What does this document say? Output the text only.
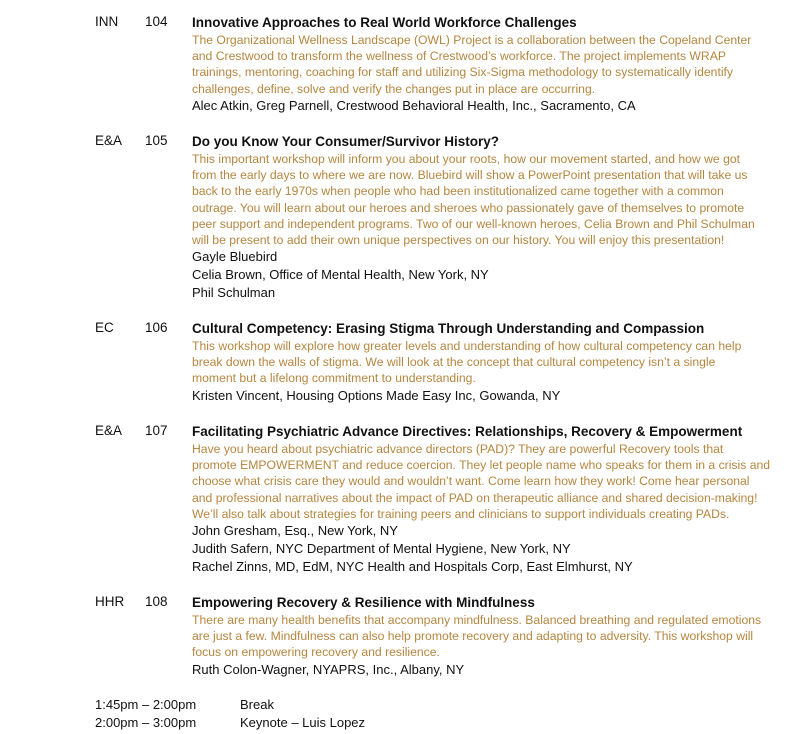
INN 104 Innovative Approaches to Real World Workforce Challenges
The Organizational Wellness Landscape (OWL) Project is a collaboration between the Copeland Center
and Crestwood to transform the wellness of Crestwood’s workforce. The project implements WRAP
trainings, mentoring, coaching for staff and utilizing Six-Sigma methodology to systematically identify
challenges, define, solve and verify the changes put in place are occurring.
Alec Atkin, Greg Parnell, Crestwood Behavioral Health, Inc., Sacramento, CA
E&A 105 Do you Know Your Consumer/Survivor History?
This important workshop will inform you about your roots, how our movement started, and how we got
from the early days to where we are now. Bluebird will show a PowerPoint presentation that will take us
back to the early 1970s when people who had been institutionalized came together with a common
outrage. You will learn about our heroes and sheroes who passionately gave of themselves to promote
peer support and independent programs. Two of our well-known heroes, Celia Brown and Phil Schulman
will be present to add their own unique perspectives on our history. You will enjoy this presentation!
Gayle Bluebird
Celia Brown, Office of Mental Health, New York, NY
Phil Schulman
EC 106 Cultural Competency: Erasing Stigma Through Understanding and Compassion
This workshop will explore how greater levels and understanding of how cultural competency can help
break down the walls of stigma. We will look at the concept that cultural competency isn’t a single
moment but a lifelong commitment to understanding.
Kristen Vincent, Housing Options Made Easy Inc, Gowanda, NY
E&A 107 Facilitating Psychiatric Advance Directives: Relationships, Recovery & Empowerment
Have you heard about psychiatric advance directors (PAD)? They are powerful Recovery tools that
promote EMPOWERMENT and reduce coercion. They let people name who speaks for them in a crisis and
choose what crisis care they would and wouldn’t want. Come learn how they work! Come hear personal
and professional narratives about the impact of PAD on therapeutic alliance and shared decision-making!
We’ll also talk about strategies for training peers and clinicians to support individuals creating PADs.
John Gresham, Esq., New York, NY
Judith Safern, NYC Department of Mental Hygiene, New York, NY
Rachel Zinns, MD, EdM, NYC Health and Hospitals Corp, East Elmhurst, NY
HHR 108 Empowering Recovery & Resilience with Mindfulness
There are many health benefits that accompany mindfulness. Balanced breathing and regulated emotions
are just a few. Mindfulness can also help promote recovery and adapting to adversity. This workshop will
focus on empowering recovery and resilience.
Ruth Colon-Wagner, NYAPRS, Inc., Albany, NY
1:45pm – 2:00pm	Break
2:00pm – 3:00pm	Keynote – Luis Lopez
